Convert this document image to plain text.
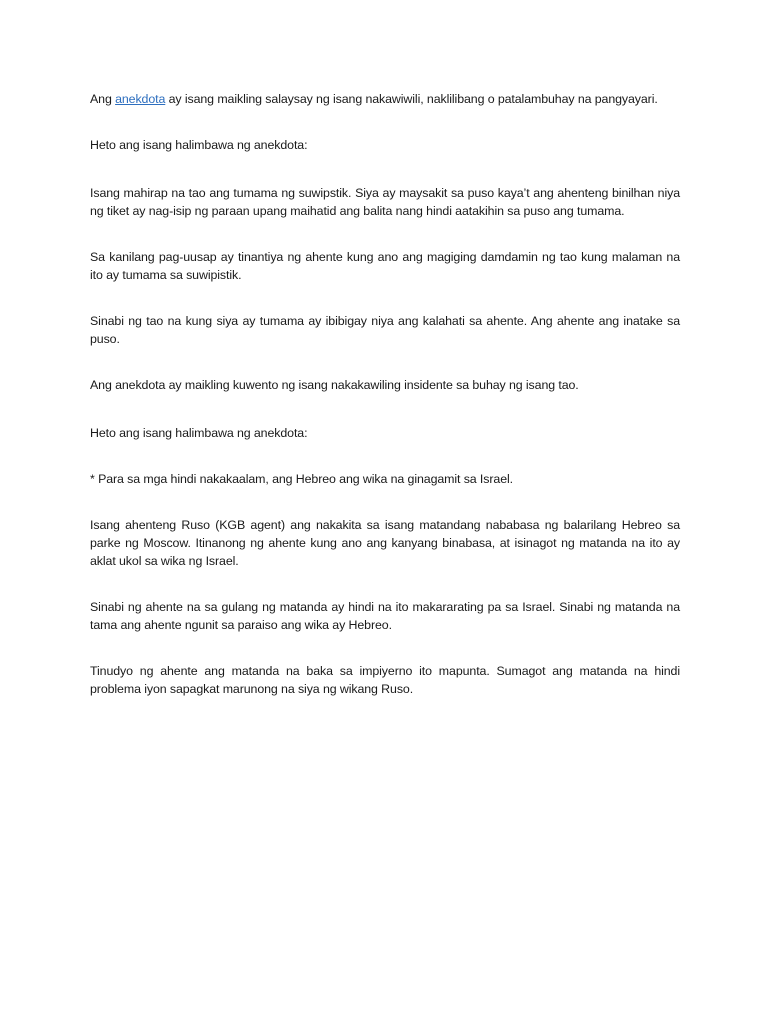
Ang anekdota ay isang maikling salaysay ng isang nakawiwili, naklilibang o patalambuhay na pangyayari.

Heto ang isang halimbawa ng anekdota:

Isang mahirap na tao ang tumama ng suwipstik. Siya ay maysakit sa puso kaya’t ang ahenteng binilhan niya ng tiket ay nag-isip ng paraan upang maihatid ang balita nang hindi aatakihin sa puso ang tumama.

Sa kanilang pag-uusap ay tinantiya ng ahente kung ano ang magiging damdamin ng tao kung malaman na ito ay tumama sa suwipistik.

Sinabi ng tao na kung siya ay tumama ay ibibigay niya ang kalahati sa ahente. Ang ahente ang inatake sa puso.

Ang anekdota ay maikling kuwento ng isang nakakawiling insidente sa buhay ng isang tao.

Heto ang isang halimbawa ng anekdota:

* Para sa mga hindi nakakaalam, ang Hebreo ang wika na ginagamit sa Israel.

Isang ahenteng Ruso (KGB agent) ang nakakita sa isang matandang nababasa ng balarilang Hebreo sa parke ng Moscow. Itinanong ng ahente kung ano ang kanyang binabasa, at isinagot ng matanda na ito ay aklat ukol sa wika ng Israel.

Sinabi ng ahente na sa gulang ng matanda ay hindi na ito makararating pa sa Israel. Sinabi ng matanda na tama ang ahente ngunit sa paraiso ang wika ay Hebreo.

Tinudyo ng ahente ang matanda na baka sa impiyerno ito mapunta. Sumagot ang matanda na hindi problema iyon sapagkat marunong na siya ng wikang Ruso.
